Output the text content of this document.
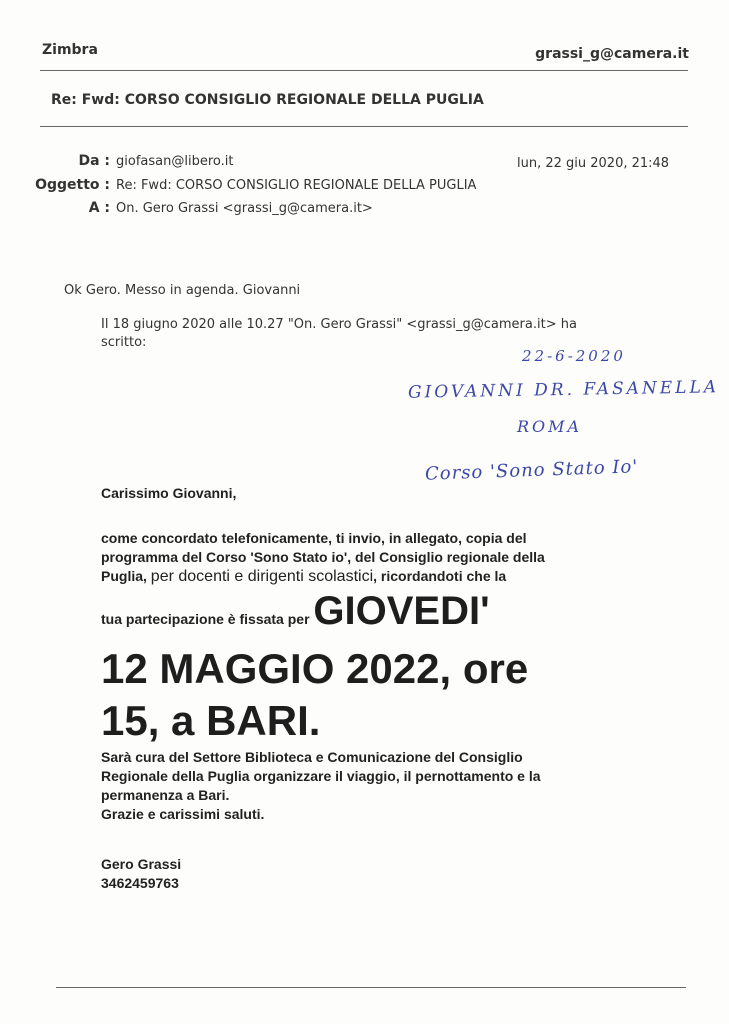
Zimbra	grassi_g@camera.it
Re: Fwd: CORSO CONSIGLIO REGIONALE DELLA PUGLIA
Da : giofasan@libero.it	lun, 22 giu 2020, 21:48
Oggetto : Re: Fwd: CORSO CONSIGLIO REGIONALE DELLA PUGLIA
A : On. Gero Grassi <grassi_g@camera.it>
Ok Gero. Messo in agenda. Giovanni
Il 18 giugno 2020 alle 10.27 "On. Gero Grassi" <grassi_g@camera.it> ha
scritto:
22-6-2020
GIOVANNI DR. FASANELLA
ROMA
Corso 'Sono Stato Io'
Carissimo Giovanni,
come concordato telefonicamente, ti invio, in allegato, copia del
programma del Corso 'Sono Stato io', del Consiglio regionale della
Puglia, per docenti e dirigenti scolastici, ricordandoti che la
tua partecipazione è fissata per GIOVEDI'
12 MAGGIO 2022, ore
15, a BARI.
Sarà cura del Settore Biblioteca e Comunicazione del Consiglio
Regionale della Puglia organizzare il viaggio, il pernottamento e la
permanenza a Bari.
Grazie e carissimi saluti.
Gero Grassi
3462459763
